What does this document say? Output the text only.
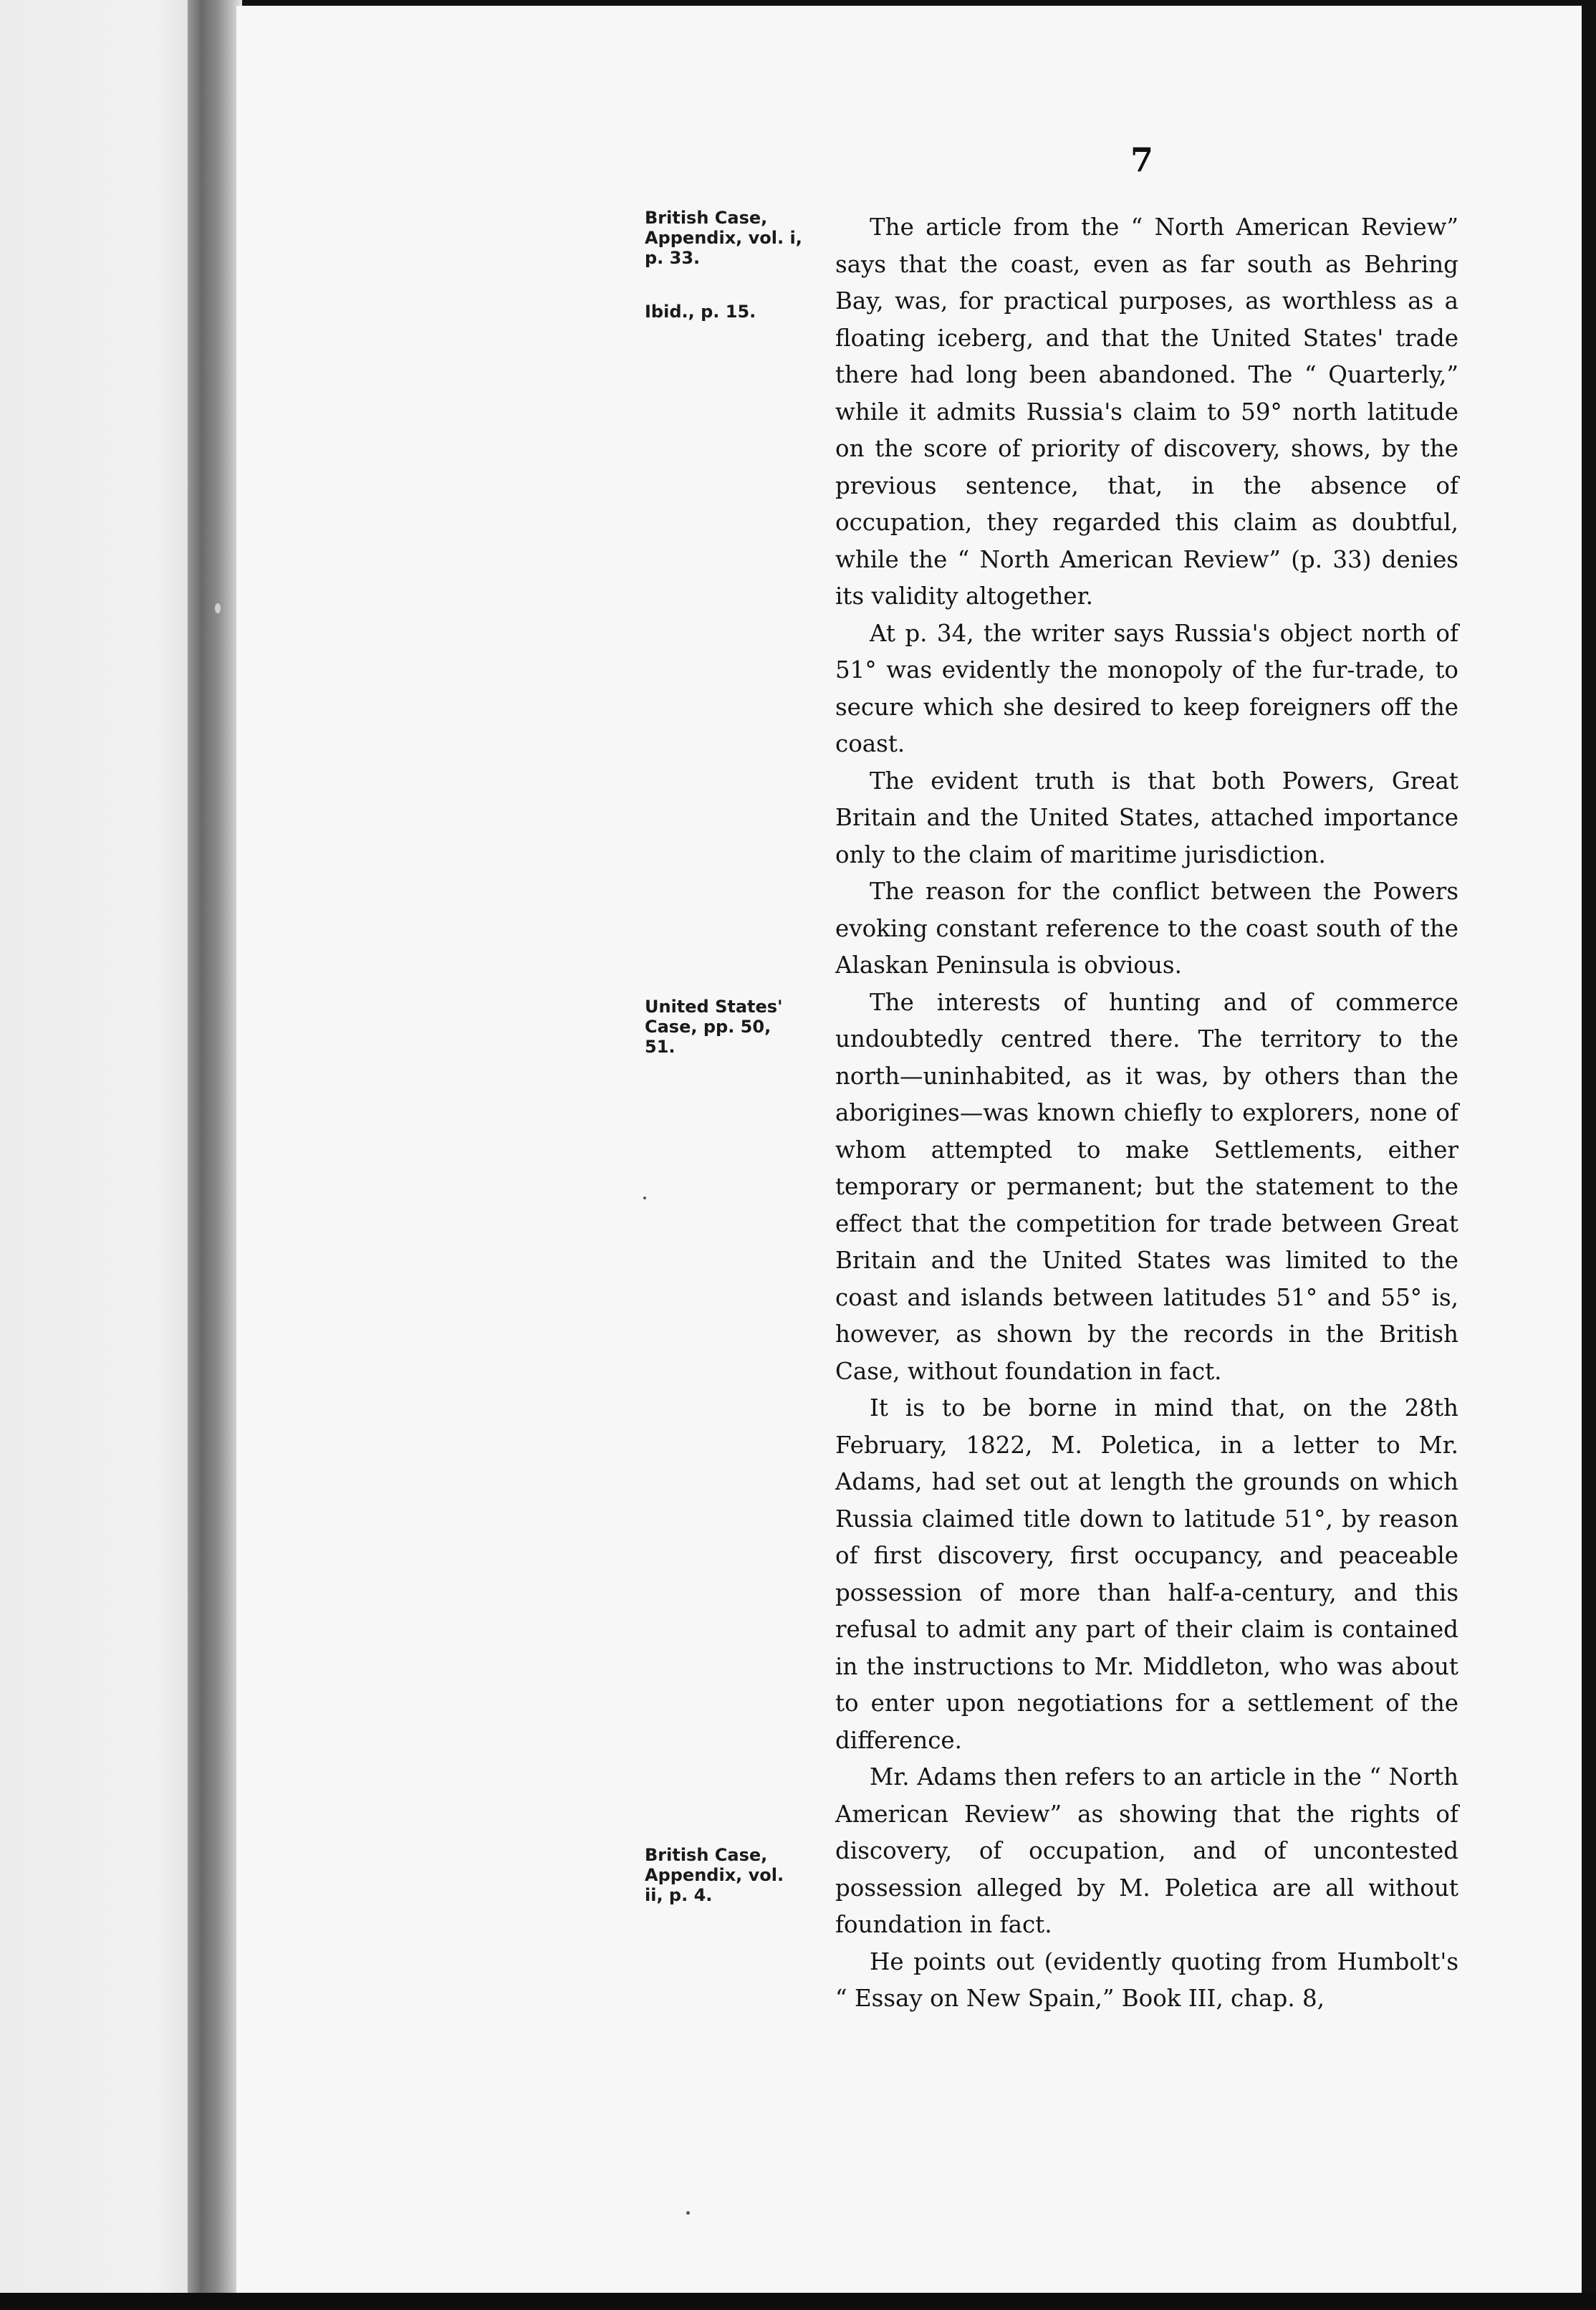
7
British Case, Appendix, vol. i, p. 33.
Ibid., p. 15.
United States' Case, pp. 50, 51.
British Case, Appendix, vol. ii, p. 4.

The article from the “ North American Review” says that the coast, even as far south as Behring Bay, was, for practical purposes, as worthless as a floating iceberg, and that the United States' trade there had long been abandoned. The “ Quarterly,” while it admits Russia's claim to 59° north latitude on the score of priority of discovery, shows, by the previous sentence, that, in the absence of occupation, they regarded this claim as doubtful, while the “ North American Review” (p. 33) denies its validity altogether.

At p. 34, the writer says Russia's object north of 51° was evidently the monopoly of the fur-trade, to secure which she desired to keep foreigners off the coast.

The evident truth is that both Powers, Great Britain and the United States, attached importance only to the claim of maritime jurisdiction.

The reason for the conflict between the Powers evoking constant reference to the coast south of the Alaskan Peninsula is obvious.

The interests of hunting and of commerce undoubtedly centred there. The territory to the north—uninhabited, as it was, by others than the aborigines—was known chiefly to explorers, none of whom attempted to make Settlements, either temporary or permanent; but the statement to the effect that the competition for trade between Great Britain and the United States was limited to the coast and islands between latitudes 51° and 55° is, however, as shown by the records in the British Case, without foundation in fact.

It is to be borne in mind that, on the 28th February, 1822, M. Poletica, in a letter to Mr. Adams, had set out at length the grounds on which Russia claimed title down to latitude 51°, by reason of first discovery, first occupancy, and peaceable possession of more than half-a-century, and this refusal to admit any part of their claim is contained in the instructions to Mr. Middleton, who was about to enter upon negotiations for a settlement of the difference.

Mr. Adams then refers to an article in the “ North American Review” as showing that the rights of discovery, of occupation, and of uncontested possession alleged by M. Poletica are all without foundation in fact.

He points out (evidently quoting from Humbolt's “ Essay on New Spain,” Book III, chap. 8,
